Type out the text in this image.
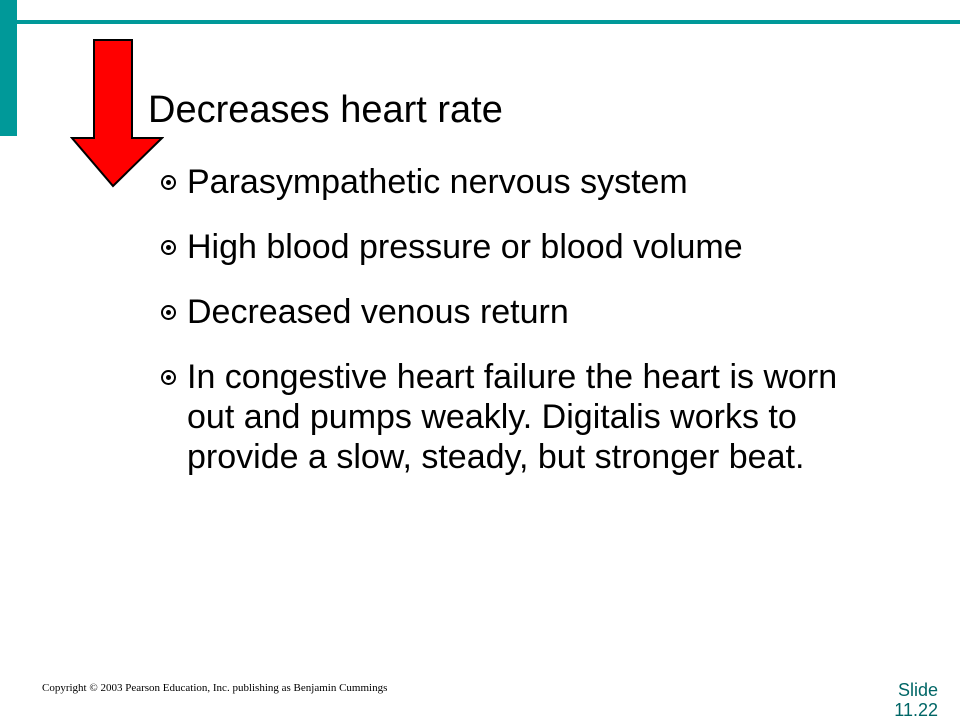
Decreases heart rate
Parasympathetic nervous system
High blood pressure or blood volume
Decreased venous return
In congestive heart failure the heart is worn out and pumps weakly. Digitalis works to provide a slow, steady, but stronger beat.
Copyright © 2003 Pearson Education, Inc. publishing as Benjamin Cummings	Slide
11.22
